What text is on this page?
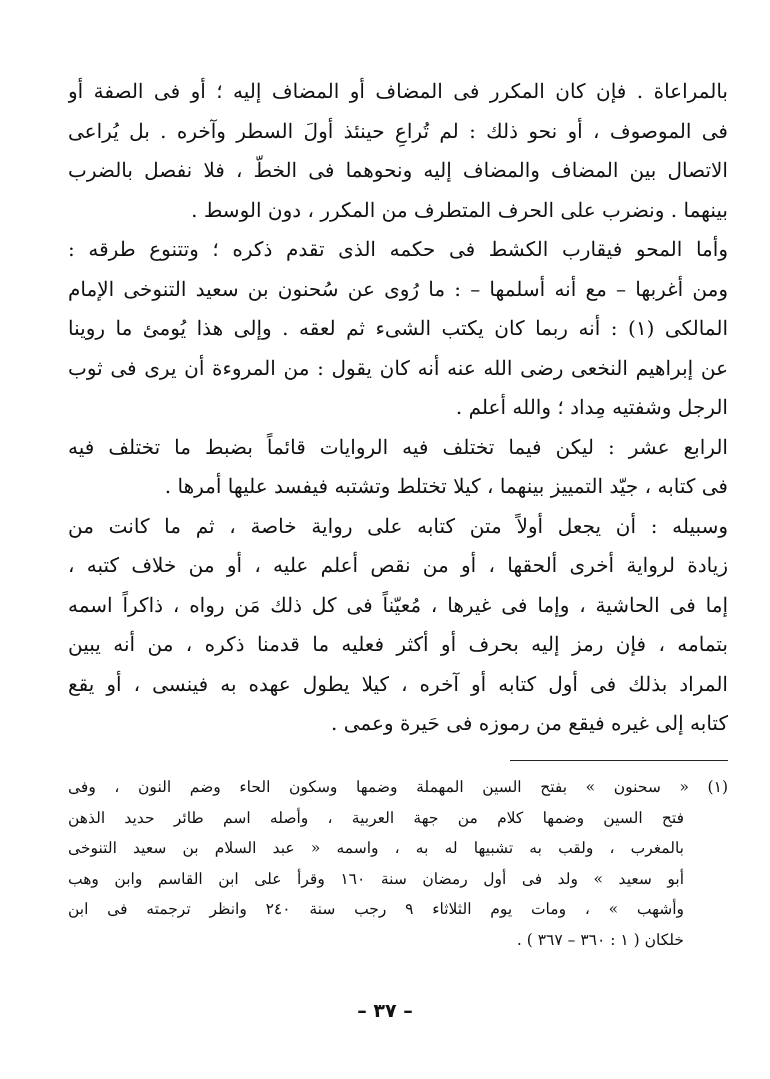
بالمراعاة . فإن كان المكرر فى المضاف أو المضاف إليه ؛ أو فى الصفة أو
فى الموصوف ، أو نحو ذلك : لم تُراعِ حينئذ أولَ السطر وآخره . بل يُراعى
الاتصال بين المضاف والمضاف إليه ونحوهما فى الخطّ ، فلا نفصل بالضرب
بينهما . ونضرب على الحرف المتطرف من المكرر ، دون الوسط .
وأما المحو فيقارب الكشط فى حكمه الذى تقدم ذكره ؛ وتتنوع طرقه :
ومن أغربها – مع أنه أسلمها – : ما رُوى عن سُحنون بن سعيد التنوخى الإمام
المالكى (١) : أنه ربما كان يكتب الشىء ثم لعقه . وإلى هذا يُومئ ما روينا
عن إبراهيم النخعى رضى الله عنه أنه كان يقول : من المروءة أن يرى فى ثوب
الرجل وشفتيه مِداد ؛ والله أعلم .
الرابع عشر : ليكن فيما تختلف فيه الروايات قائماً بضبط ما تختلف فيه
فى كتابه ، جيّد التمييز بينهما ، كيلا تختلط وتشتبه فيفسد عليها أمرها .
وسبيله : أن يجعل أولاً متن كتابه على رواية خاصة ، ثم ما كانت من
زيادة لرواية أخرى ألحقها ، أو من نقص أعلم عليه ، أو من خلاف كتبه ،
إما فى الحاشية ، وإما فى غيرها ، مُعيّناً فى كل ذلك مَن رواه ، ذاكراً اسمه
بتمامه ، فإن رمز إليه بحرف أو أكثر فعليه ما قدمنا ذكره ، من أنه يبين
المراد بذلك فى أول كتابه أو آخره ، كيلا يطول عهده به فينسى ، أو يقع
كتابه إلى غيره فيقع من رموزه فى حَيرة وعمى .
(١) « سحنون » بفتح السين المهملة وضمها وسكون الحاء وضم النون ، وفى
فتح السين وضمها كلام من جهة العربية ، وأصله اسم طائر حديد الذهن
بالمغرب ، ولقب به تشبيها له به ، واسمه « عبد السلام بن سعيد التنوخى
أبو سعيد » ولد فى أول رمضان سنة ١٦٠ وقرأ على ابن القاسم وابن وهب
وأشهب » ، ومات يوم الثلاثاء ٩ رجب سنة ٢٤٠ وانظر ترجمته فى ابن
خلكان ( ١ : ٣٦٠ – ٣٦٧ ) .
– ٣٧ –
